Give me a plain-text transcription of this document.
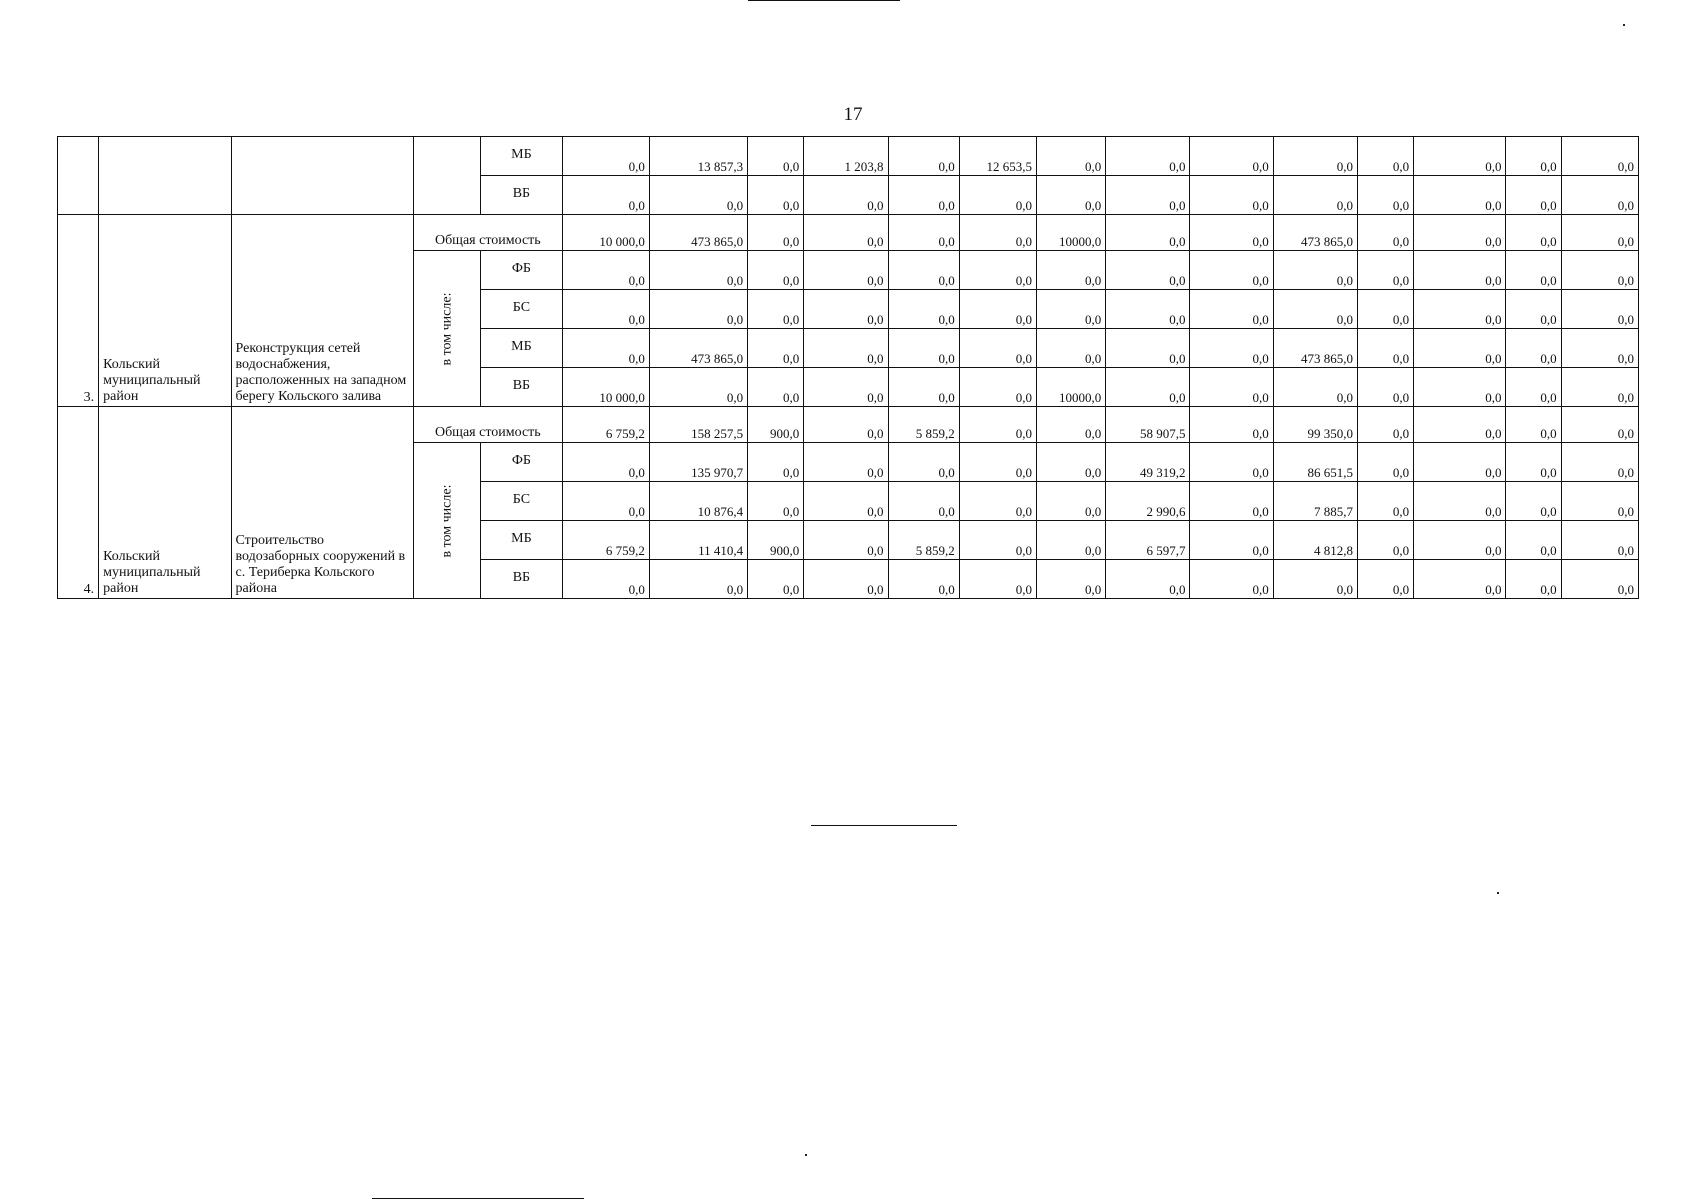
17
				МБ	0,0	13 857,3	0,0	1 203,8	0,0	12 653,5	0,0	0,0	0,0	0,0	0,0	0,0	0,0	0,0
				ВБ	0,0	0,0	0,0	0,0	0,0	0,0	0,0	0,0	0,0	0,0	0,0	0,0	0,0	0,0
3.	Кольский муниципальный район	Реконструкция сетей водоснабжения, расположенных на западном берегу Кольского залива	Общая стоимость		10 000,0	473 865,0	0,0	0,0	0,0	0,0	10000,0	0,0	0,0	473 865,0	0,0	0,0	0,0	0,0

			в том числе:	ФБ	0,0	0,0	0,0	0,0	0,0	0,0	0,0	0,0	0,0	0,0	0,0	0,0	0,0	0,0
				БС	0,0	0,0	0,0	0,0	0,0	0,0	0,0	0,0	0,0	0,0	0,0	0,0	0,0	0,0
				МБ	0,0	473 865,0	0,0	0,0	0,0	0,0	0,0	0,0	0,0	473 865,0	0,0	0,0	0,0	0,0
				ВБ	10 000,0	0,0	0,0	0,0	0,0	0,0	10000,0	0,0	0,0	0,0	0,0	0,0	0,0	0,0
4.	Кольский муниципальный район	Строительство водозаборных сооружений в с. Териберка Кольского района	Общая стоимость		6 759,2	158 257,5	900,0	0,0	5 859,2	0,0	0,0	58 907,5	0,0	99 350,0	0,0	0,0	0,0	0,0

			в том числе:	ФБ	0,0	135 970,7	0,0	0,0	0,0	0,0	0,0	49 319,2	0,0	86 651,5	0,0	0,0	0,0	0,0
				БС	0,0	10 876,4	0,0	0,0	0,0	0,0	0,0	2 990,6	0,0	7 885,7	0,0	0,0	0,0	0,0
				МБ	6 759,2	11 410,4	900,0	0,0	5 859,2	0,0	0,0	6 597,7	0,0	4 812,8	0,0	0,0	0,0	0,0
				ВБ	0,0	0,0	0,0	0,0	0,0	0,0	0,0	0,0	0,0	0,0	0,0	0,0	0,0	0,0
